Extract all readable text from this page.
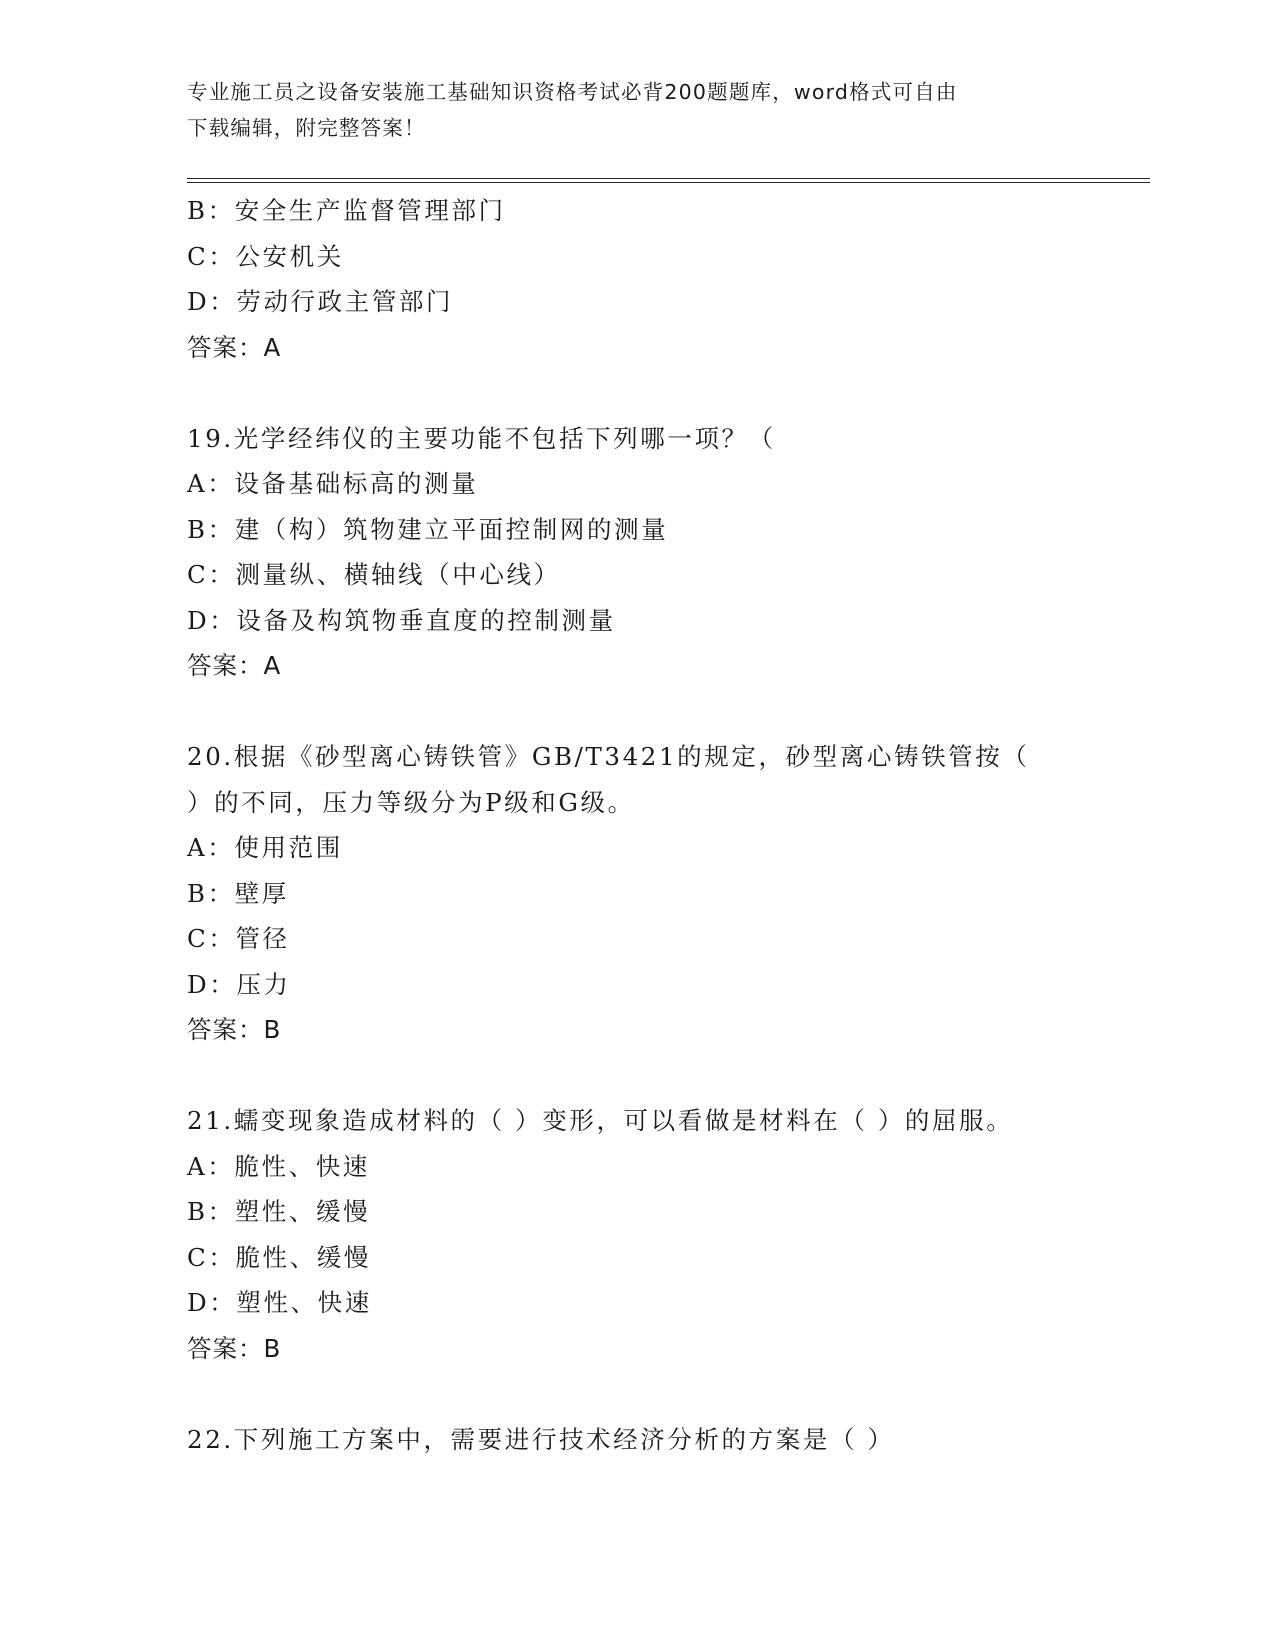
专业施工员之设备安装施工基础知识资格考试必背200题题库，word格式可自由
下载编辑，附完整答案！
B：安全生产监督管理部门
C：公安机关
D：劳动行政主管部门
答案：A
19.光学经纬仪的主要功能不包括下列哪一项？（
A：设备基础标高的测量
B：建（构）筑物建立平面控制网的测量
C：测量纵、横轴线（中心线）
D：设备及构筑物垂直度的控制测量
答案：A
20.根据《砂型离心铸铁管》GB/T3421的规定，砂型离心铸铁管按（
）的不同，压力等级分为P级和G级。
A：使用范围
B：壁厚
C：管径
D：压力
答案：B
21.蠕变现象造成材料的（ ）变形，可以看做是材料在（ ）的屈服。
A：脆性、快速
B：塑性、缓慢
C：脆性、缓慢
D：塑性、快速
答案：B
22.下列施工方案中，需要进行技术经济分析的方案是（ ）
